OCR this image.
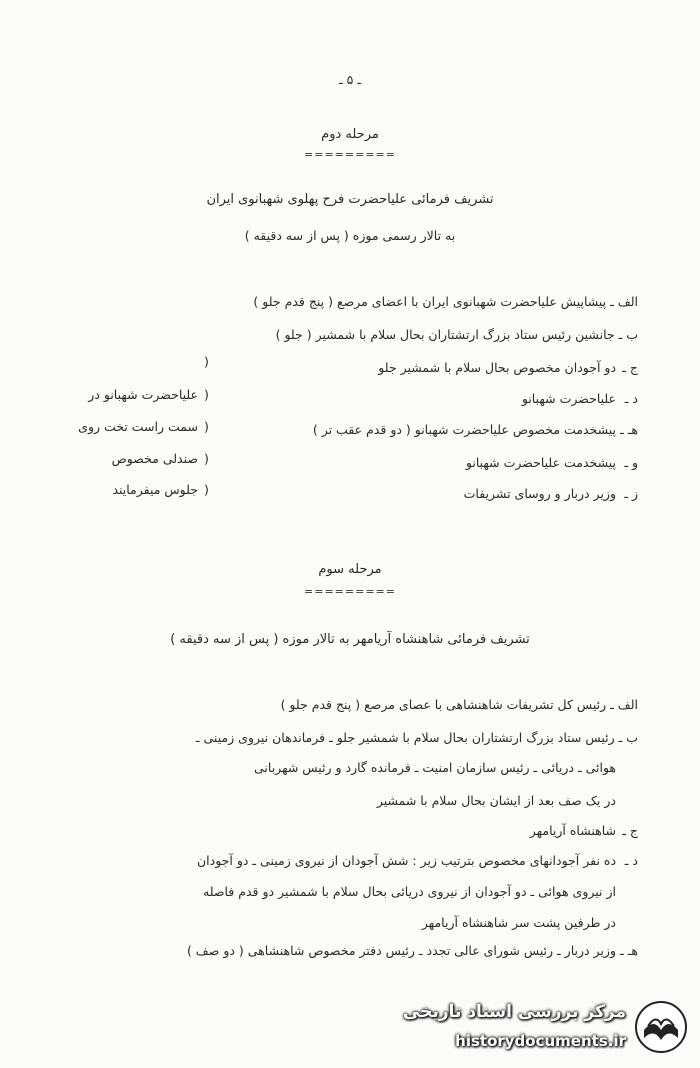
ـ ۵ ـ
مرحله دوم
=========
تشریف فرمائی علیاحضرت فرح پهلوی شهبانوی ایران
به تالار رسمی موزه ( پس از سه دقیقه )
الف ـ پیشاپیش علیاحضرت شهبانوی ایران با اعضای مرصع ( پنج قدم جلو )
ب ـ جانشین رئیس ستاد بزرگ ارتشتاران بحال سلام با شمشیر ( جلو )
ج ـ دو آجودان مخصوص بحال سلام با شمشیر جلو
د ـ علیاحضرت شهبانو
هـ ـ پیشخدمت مخصوص علیاحضرت شهبانو ( دو قدم عقب تر )
و ـ پیشخدمت علیاحضرت شهبانو
ز ـ وزیر دربار و روسای تشریفات
)
)
)
)
)
علیاحضرت شهبانو در
سمت راست تخت روی
صندلی مخصوص
جلوس میفرمایند
مرحله سوم
=========
تشریف فرمائی شاهنشاه آریامهر به تالار موزه ( پس از سه دقیقه )
الف ـ رئیس کل تشریفات شاهنشاهی با عصای مرصع ( پنج قدم جلو )
ب ـ رئیس ستاد بزرگ ارتشتاران بحال سلام با شمشیر جلو ـ فرماندهان نیروی زمینی ـ
هوائی ـ دریائی ـ رئیس سازمان امنیت ـ فرمانده گارد و رئیس شهربانی
در یک صف بعد از ایشان بحال سلام با شمشیر
ج ـ شاهنشاه آریامهر
د ـ ده نفر آجودانهای مخصوص بترتیب زیر : شش آجودان از نیروی زمینی ـ دو آجودان
از نیروی هوائی ـ دو آجودان از نیروی دریائی بحال سلام با شمشیر دو قدم فاصله
در طرفین پشت سر شاهنشاه آریامهر
هـ ـ وزیر دربار ـ رئیس شورای عالی تجدد ـ رئیس دفتر مخصوص شاهنشاهی ( دو صف )
مرکز بررسی اسناد تاریخی
historydocuments.ir
